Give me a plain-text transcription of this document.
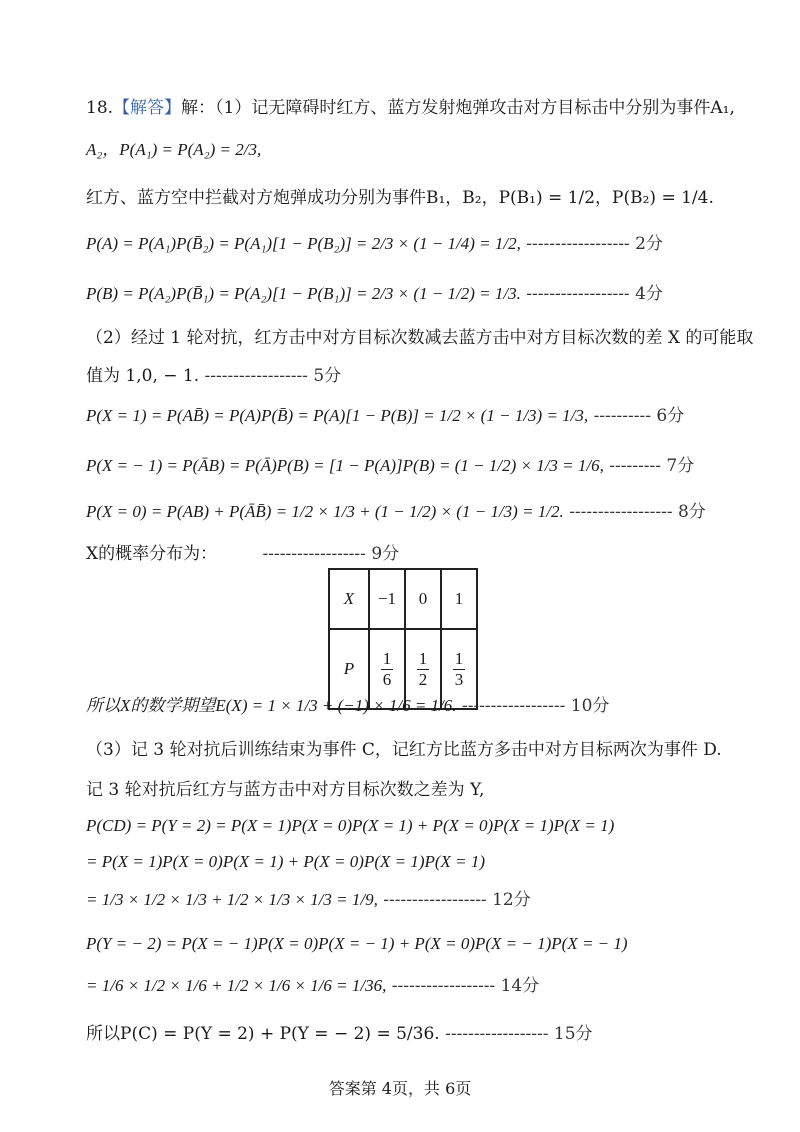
18.【解答】解：（1）记无障碍时红方、蓝方发射炮弹攻击对方目标击中分别为事件A₁,
A₂，P(A₁) = P(A₂) = 2/3,
红方、蓝方空中拦截对方炮弹成功分别为事件B₁，B₂，P(B₁) = 1/2，P(B₂) = 1/4.
P(A) = P(A₁)P(B̄₂) = P(A₁)[1 − P(B₂)] = 2/3 × (1 − 1/4) = 1/2, ------------------ 2分
P(B) = P(A₂)P(B̄₁) = P(A₂)[1 − P(B₁)] = 2/3 × (1 − 1/2) = 1/3. ------------------ 4分
（2）经过 1 轮对抗，红方击中对方目标次数减去蓝方击中对方目标次数的差 X 的可能取
值为 1,0, − 1. ------------------ 5分
P(X = 1) = P(AB̄) = P(A)P(B̄) = P(A)[1 − P(B)] = 1/2 × (1 − 1/3) = 1/3, ---------- 6分
P(X = − 1) = P(ĀB) = P(Ā)P(B) = [1 − P(A)]P(B) = (1 − 1/2) × 1/3 = 1/6, --------- 7分
P(X = 0) = P(AB) + P(ĀB̄) = 1/2 × 1/3 + (1 − 1/2) × (1 − 1/3) = 1/2. ------------------ 8分
X的概率分布为：	------------------ 9分
X	−1	0	1
P	$\frac{1}{6}$	$\frac{1}{2}$	$\frac{1}{3}$
所以X的数学期望E(X) = 1 × 1/3 + (−1) × 1/6 = 1/6. ------------------ 10分
（3）记 3 轮对抗后训练结束为事件 C，记红方比蓝方多击中对方目标两次为事件 D.
记 3 轮对抗后红方与蓝方击中对方目标次数之差为 Y,
P(CD) = P(Y = 2) = P(X = 1)P(X = 0)P(X = 1) + P(X = 0)P(X = 1)P(X = 1)
= P(X = 1)P(X = 0)P(X = 1) + P(X = 0)P(X = 1)P(X = 1)
= 1/3 × 1/2 × 1/3 + 1/2 × 1/3 × 1/3 = 1/9, ------------------ 12分
P(Y = − 2) = P(X = − 1)P(X = 0)P(X = − 1) + P(X = 0)P(X = − 1)P(X = − 1)
= 1/6 × 1/2 × 1/6 + 1/2 × 1/6 × 1/6 = 1/36, ------------------ 14分
所以P(C) = P(Y = 2) + P(Y = − 2) = 5/36. ------------------ 15分
答案第 4页，共 6页
